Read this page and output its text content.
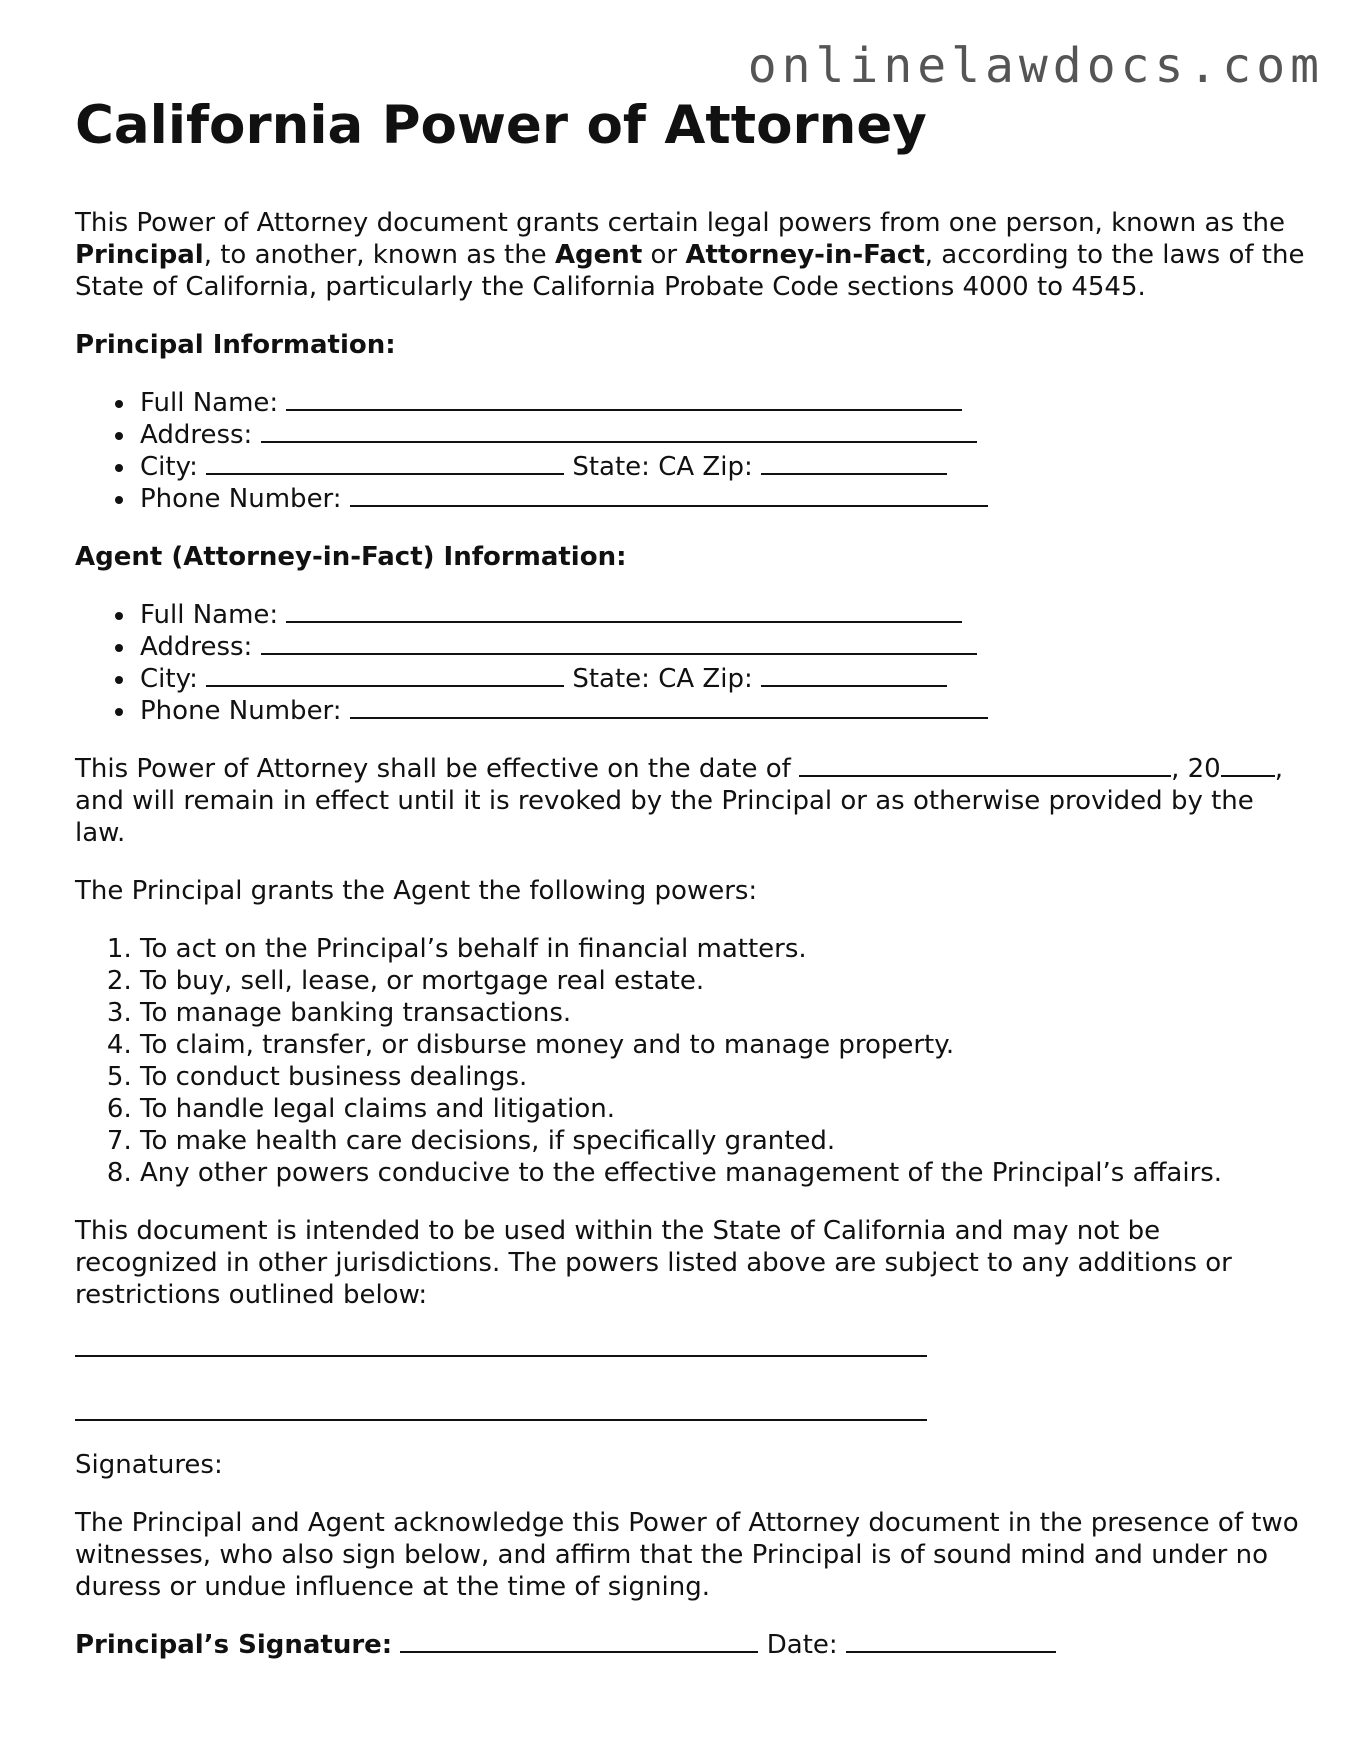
onlinelawdocs.com
California Power of Attorney

This Power of Attorney document grants certain legal powers from one person, known as the Principal, to another, known as the Agent or Attorney-in-Fact, according to the laws of the State of California, particularly the California Probate Code sections 4000 to 4545.

Principal Information:
Full Name:
Address:
City:	State: CA Zip:
Phone Number:
Agent (Attorney-in-Fact) Information:
Full Name:
Address:
City:	State: CA Zip:
Phone Number:

This Power of Attorney shall be effective on the date of	, 20 , and will remain in effect until it is revoked by the Principal or as otherwise provided by the law.

The Principal grants the Agent the following powers:

1. To act on the Principal’s behalf in financial matters.
2. To buy, sell, lease, or mortgage real estate.
3. To manage banking transactions.
4. To claim, transfer, or disburse money and to manage property.
5. To conduct business dealings.
6. To handle legal claims and litigation.
7. To make health care decisions, if specifically granted.
8. Any other powers conducive to the effective management of the Principal’s affairs.

This document is intended to be used within the State of California and may not be recognized in other jurisdictions. The powers listed above are subject to any additions or restrictions outlined below:

Signatures:

The Principal and Agent acknowledge this Power of Attorney document in the presence of two witnesses, who also sign below, and affirm that the Principal is of sound mind and under no duress or undue influence at the time of signing.

Principal’s Signature:	Date:
